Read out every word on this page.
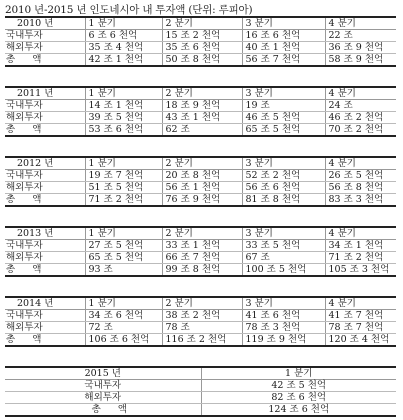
2010 년-2015 년 인도네시아 내 투자액 (단위: 루피아)
2010 년	1 분기	2 분기	3 분기	4 분기
국내투자	6 조 6 천억	15 조 2 천억	16 조 6 천억	22 조
해외투자	35 조 4 천억	35 조 6 천억	40 조 1 천억	36 조 9 천억
총 액	42 조 1 천억	50 조 8 천억	56 조 7 천억	58 조 9 천억
2011 년	1 분기	2 분기	3 분기	4 분기
국내투자	14 조 1 천억	18 조 9 천억	19 조	24 조
해외투자	39 조 5 천억	43 조 1 천억	46 조 5 천억	46 조 2 천억
총 액	53 조 6 천억	62 조	65 조 5 천억	70 조 2 천억
2012 년	1 분기	2 분기	3 분기	4 분기
국내투자	19 조 7 천억	20 조 8 천억	52 조 2 천억	26 조 5 천억
해외투자	51 조 5 천억	56 조 1 천억	56 조 6 천억	56 조 8 천억
총 액	71 조 2 천억	76 조 9 천억	81 조 8 천억	83 조 3 천억
2013 년	1 분기	2 분기	3 분기	4 분기
국내투자	27 조 5 천억	33 조 1 천억	33 조 5 천억	34 조 1 천억
해외투자	65 조 5 천억	66 조 7 천억	67 조	71 조 2 천억
총 액	93 조	99 조 8 천억	100 조 5 천억	105 조 3 천억
2014 년	1 분기	2 분기	3 분기	4 분기
국내투자	34 조 6 천억	38 조 2 천억	41 조 6 천억	41 조 7 천억
해외투자	72 조	78 조	78 조 3 천억	78 조 7 천억
총 액	106 조 6 천억	116 조 2 천억	119 조 9 천억	120 조 4 천억
2015 년	1 분기
국내투자	42 조 5 천억
해외투자	82 조 6 천억
총 액	124 조 6 천억
